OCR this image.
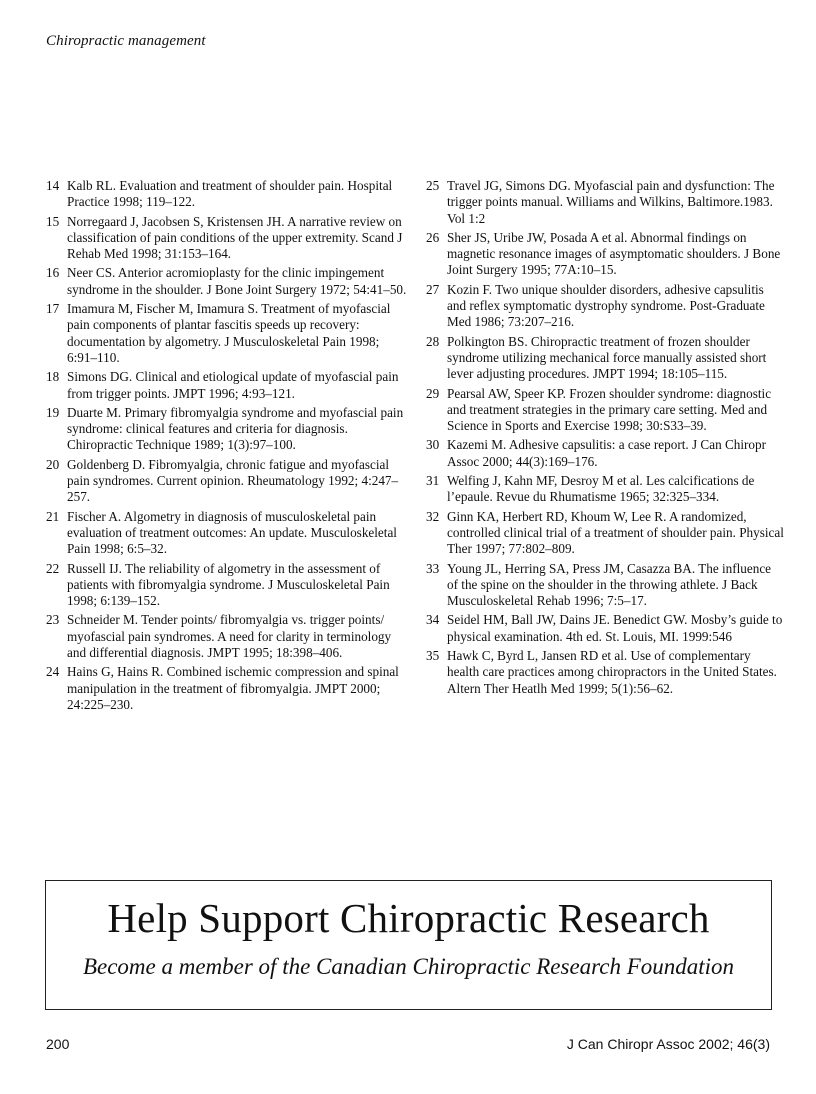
Chiropractic management
14 Kalb RL. Evaluation and treatment of shoulder pain. Hospital Practice 1998; 119–122.
15 Norregaard J, Jacobsen S, Kristensen JH. A narrative review on classification of pain conditions of the upper extremity. Scand J Rehab Med 1998; 31:153–164.
16 Neer CS. Anterior acromioplasty for the clinic impingement syndrome in the shoulder. J Bone Joint Surgery 1972; 54:41–50.
17 Imamura M, Fischer M, Imamura S. Treatment of myofascial pain components of plantar fascitis speeds up recovery: documentation by algometry. J Musculoskeletal Pain 1998; 6:91–110.
18 Simons DG. Clinical and etiological update of myofascial pain from trigger points. JMPT 1996; 4:93–121.
19 Duarte M. Primary fibromyalgia syndrome and myofascial pain syndrome: clinical features and criteria for diagnosis. Chiropractic Technique 1989; 1(3):97–100.
20 Goldenberg D. Fibromyalgia, chronic fatigue and myofascial pain syndromes. Current opinion. Rheumatology 1992; 4:247–257.
21 Fischer A. Algometry in diagnosis of musculoskeletal pain evaluation of treatment outcomes: An update. Musculoskeletal Pain 1998; 6:5–32.
22 Russell IJ. The reliability of algometry in the assessment of patients with fibromyalgia syndrome. J Musculoskeletal Pain 1998; 6:139–152.
23 Schneider M. Tender points/ fibromyalgia vs. trigger points/ myofascial pain syndromes. A need for clarity in terminology and differential diagnosis. JMPT 1995; 18:398–406.
24 Hains G, Hains R. Combined ischemic compression and spinal manipulation in the treatment of fibromyalgia. JMPT 2000; 24:225–230.
25 Travel JG, Simons DG. Myofascial pain and dysfunction: The trigger points manual. Williams and Wilkins, Baltimore.1983. Vol 1:2
26 Sher JS, Uribe JW, Posada A et al. Abnormal findings on magnetic resonance images of asymptomatic shoulders. J Bone Joint Surgery 1995; 77A:10–15.
27 Kozin F. Two unique shoulder disorders, adhesive capsulitis and reflex symptomatic dystrophy syndrome. Post-Graduate Med 1986; 73:207–216.
28 Polkington BS. Chiropractic treatment of frozen shoulder syndrome utilizing mechanical force manually assisted short lever adjusting procedures. JMPT 1994; 18:105–115.
29 Pearsal AW, Speer KP. Frozen shoulder syndrome: diagnostic and treatment strategies in the primary care setting. Med and Science in Sports and Exercise 1998; 30:S33–39.
30 Kazemi M. Adhesive capsulitis: a case report. J Can Chiropr Assoc 2000; 44(3):169–176.
31 Welfing J, Kahn MF, Desroy M et al. Les calcifications de l’epaule. Revue du Rhumatisme 1965; 32:325–334.
32 Ginn KA, Herbert RD, Khoum W, Lee R. A randomized, controlled clinical trial of a treatment of shoulder pain. Physical Ther 1997; 77:802–809.
33 Young JL, Herring SA, Press JM, Casazza BA. The influence of the spine on the shoulder in the throwing athlete. J Back Musculoskeletal Rehab 1996; 7:5–17.
34 Seidel HM, Ball JW, Dains JE. Benedict GW. Mosby’s guide to physical examination. 4th ed. St. Louis, MI. 1999:546
35 Hawk C, Byrd L, Jansen RD et al. Use of complementary health care practices among chiropractors in the United States. Altern Ther Heatlh Med 1999; 5(1):56–62.
Help Support Chiropractic Research
Become a member of the Canadian Chiropractic Research Foundation
200	J Can Chiropr Assoc 2002; 46(3)
